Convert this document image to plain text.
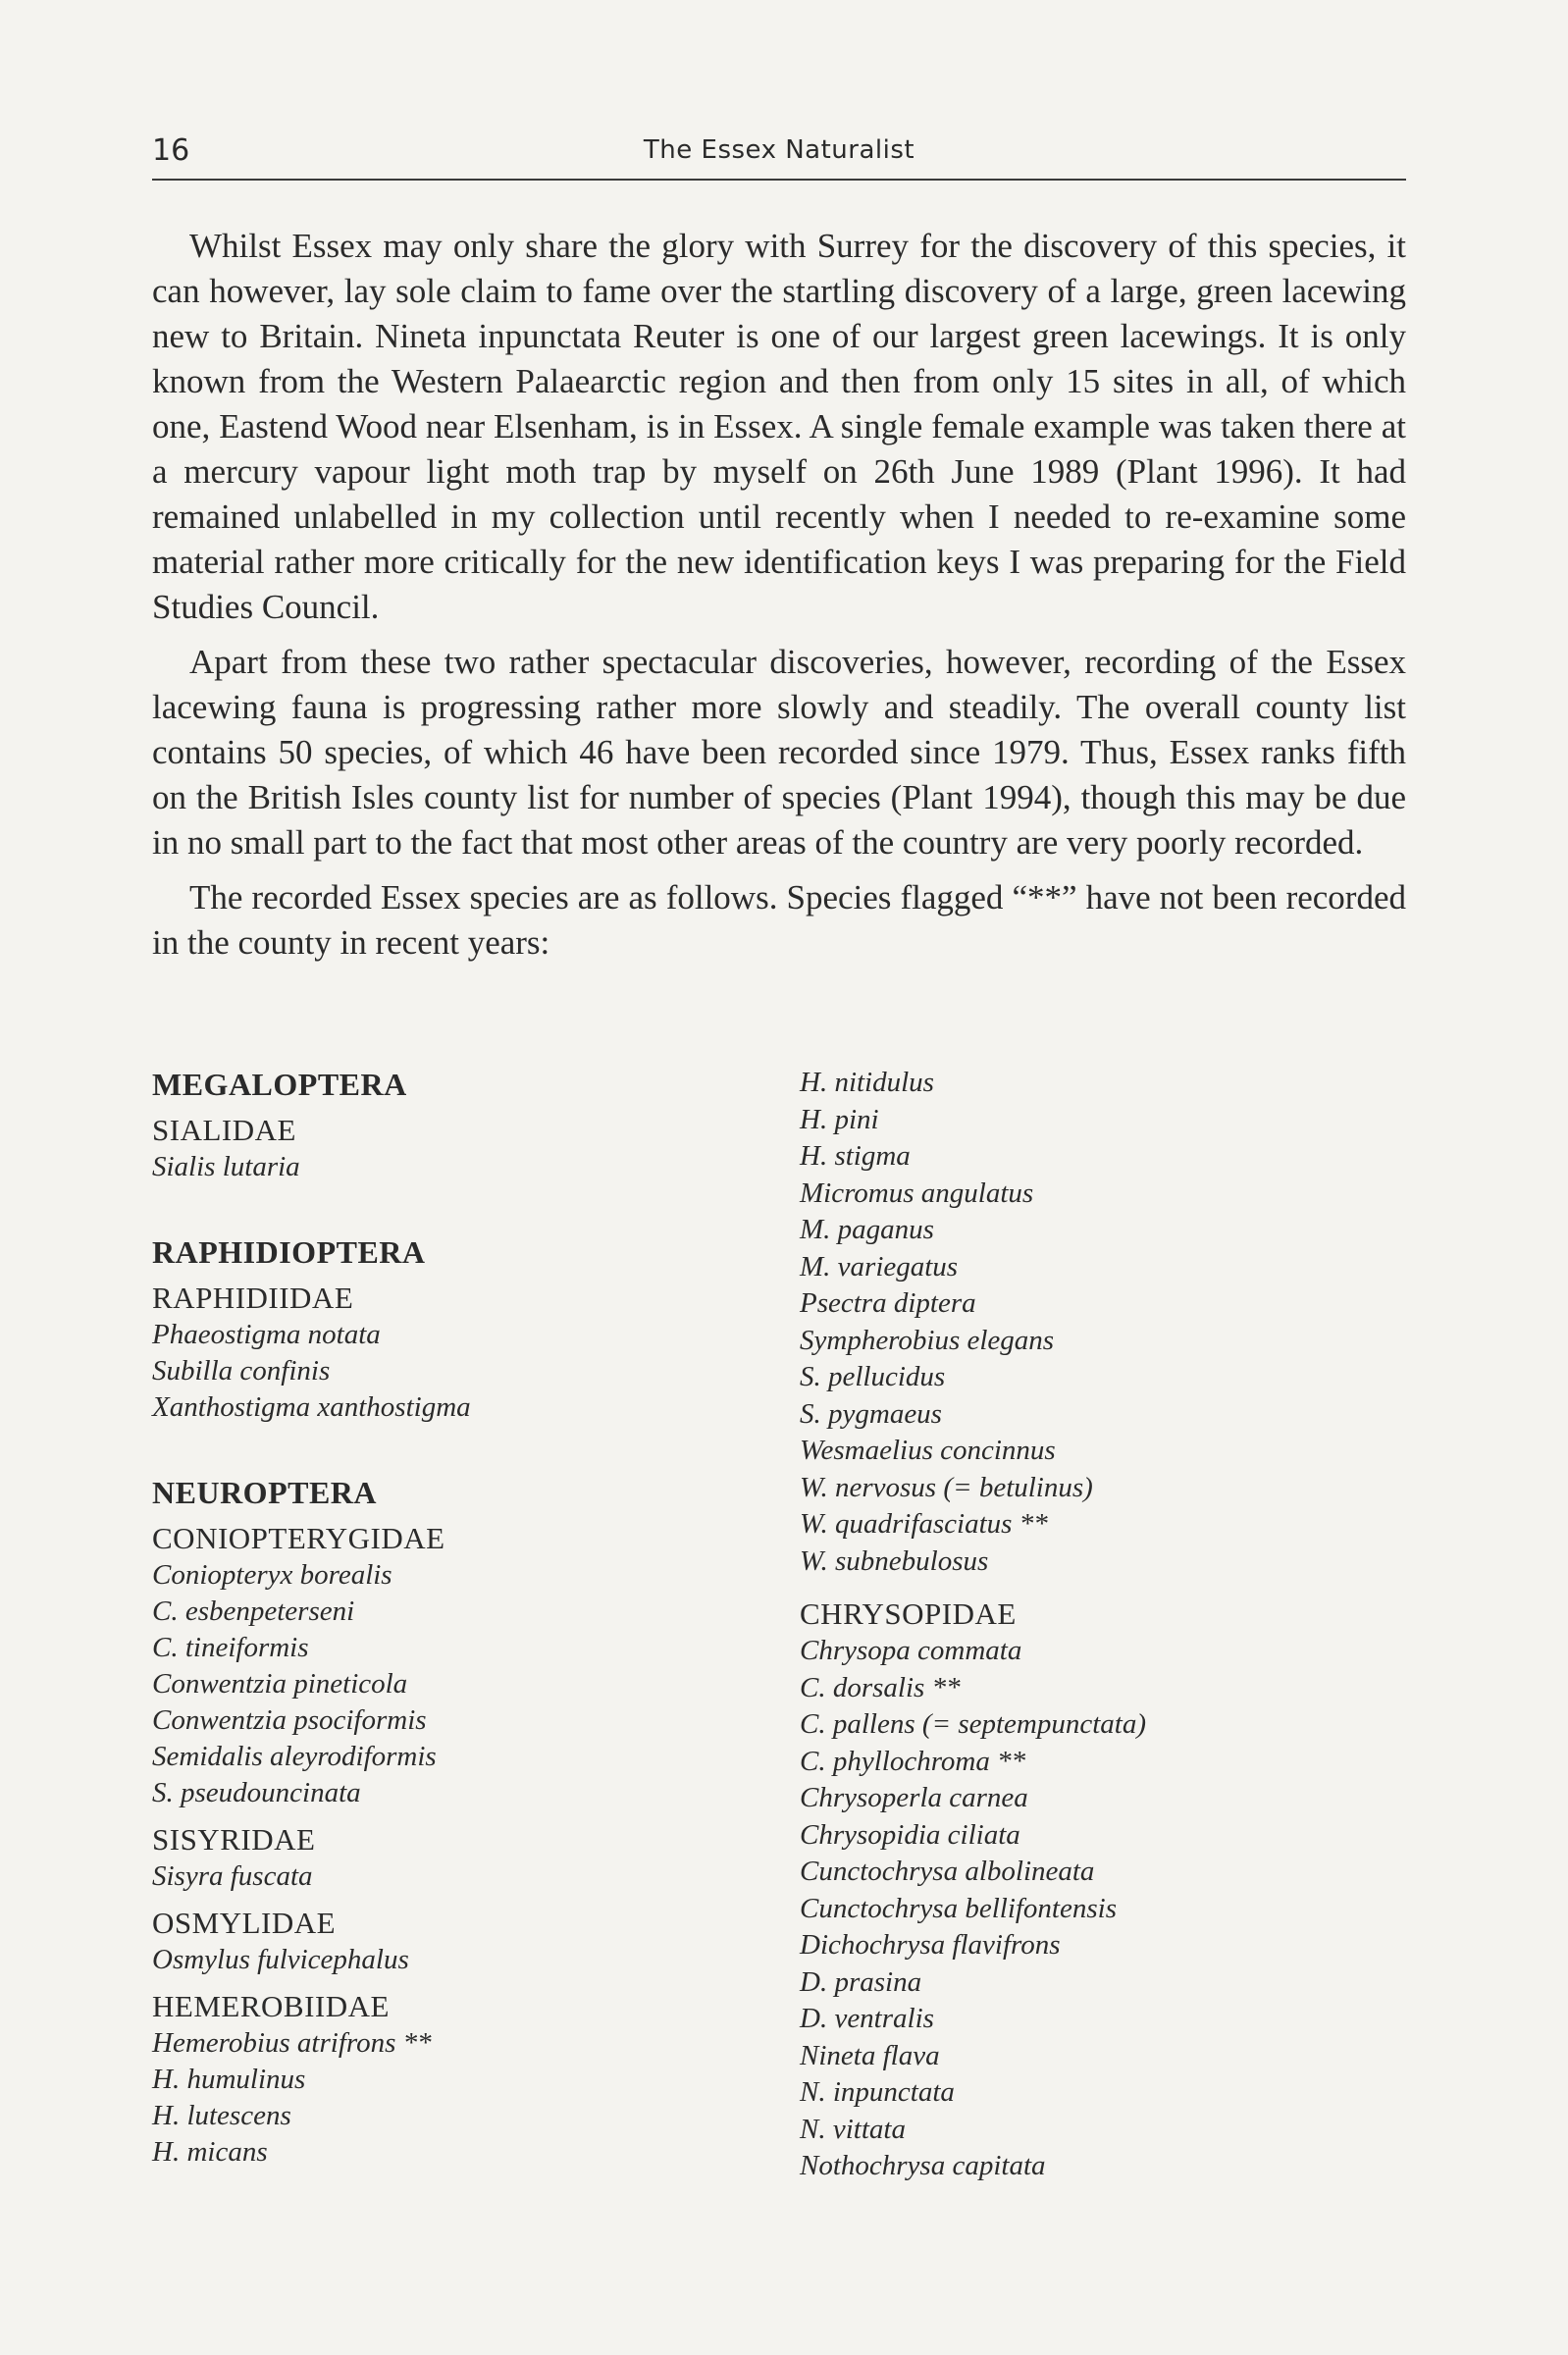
16	The Essex Naturalist

Whilst Essex may only share the glory with Surrey for the discovery of this species, it can however, lay sole claim to fame over the startling discovery of a large, green lacewing new to Britain. Nineta inpunctata Reuter is one of our largest green lacewings. It is only known from the Western Palaearctic region and then from only 15 sites in all, of which one, Eastend Wood near Elsenham, is in Essex. A single female example was taken there at a mercury vapour light moth trap by myself on 26th June 1989 (Plant 1996). It had remained unlabelled in my collection until recently when I needed to re-examine some material rather more critically for the new identification keys I was preparing for the Field Studies Council.

Apart from these two rather spectacular discoveries, however, recording of the Essex lacewing fauna is progressing rather more slowly and steadily. The overall county list contains 50 species, of which 46 have been recorded since 1979. Thus, Essex ranks fifth on the British Isles county list for number of species (Plant 1994), though this may be due in no small part to the fact that most other areas of the country are very poorly recorded.

The recorded Essex species are as follows. Species flagged “**” have not been recorded in the county in recent years:

MEGALOPTERA
SIALIDAE
Sialis lutaria
RAPHIDIOPTERA
RAPHIDIIDAE
Phaeostigma notata
Subilla confinis
Xanthostigma xanthostigma
NEUROPTERA
CONIOPTERYGIDAE
Coniopteryx borealis
C. esbenpeterseni
C. tineiformis
Conwentzia pineticola
Conwentzia psociformis
Semidalis aleyrodiformis
S. pseudouncinata
SISYRIDAE
Sisyra fuscata
OSMYLIDAE
Osmylus fulvicephalus
HEMEROBIIDAE
Hemerobius atrifrons **
H. humulinus
H. lutescens
H. micans
H. nitidulus
H. pini
H. stigma
Micromus angulatus
M. paganus
M. variegatus
Psectra diptera
Sympherobius elegans
S. pellucidus
S. pygmaeus
Wesmaelius concinnus
W. nervosus (= betulinus)
W. quadrifasciatus **
W. subnebulosus
CHRYSOPIDAE
Chrysopa commata
C. dorsalis **
C. pallens (= septempunctata)
C. phyllochroma **
Chrysoperla carnea
Chrysopidia ciliata
Cunctochrysa albolineata
Cunctochrysa bellifontensis
Dichochrysa flavifrons
D. prasina
D. ventralis
Nineta flava
N. inpunctata
N. vittata
Nothochrysa capitata
